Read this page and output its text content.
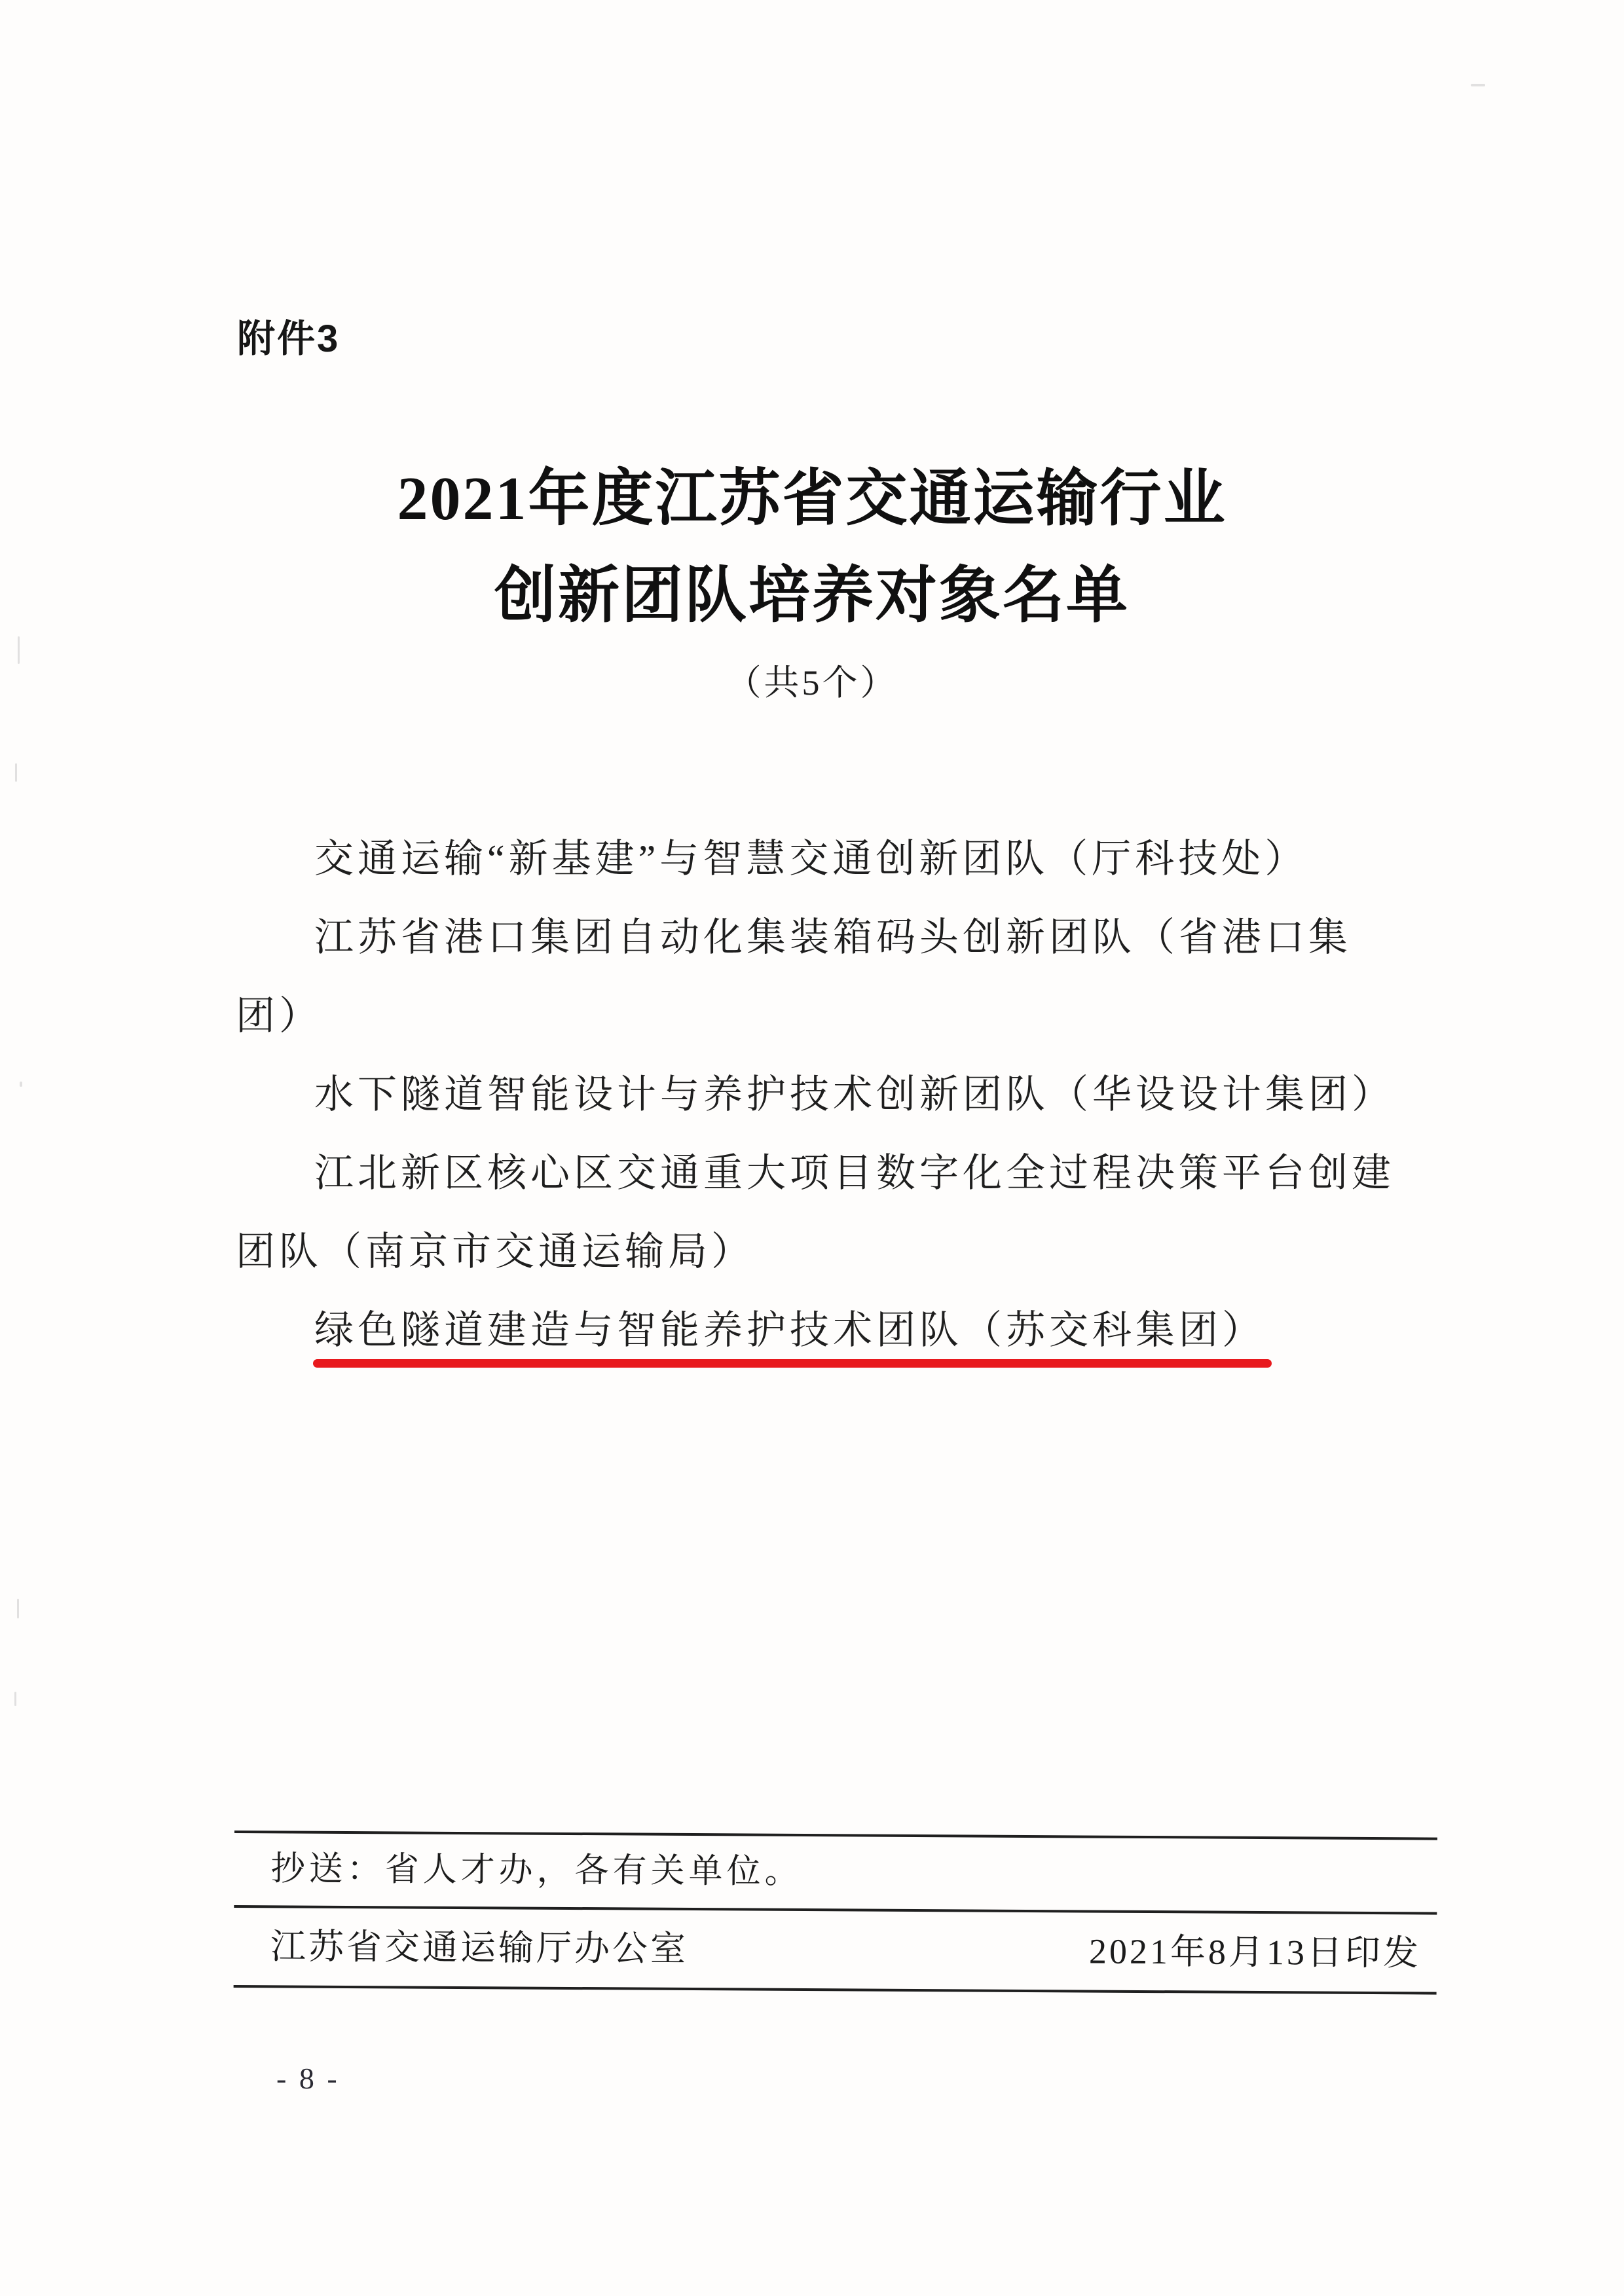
附件3
2021年度江苏省交通运输行业
创新团队培养对象名单
（共5个）
交通运输“新基建”与智慧交通创新团队（厅科技处）
江苏省港口集团自动化集装箱码头创新团队（省港口集
团）
水下隧道智能设计与养护技术创新团队（华设设计集团）
江北新区核心区交通重大项目数字化全过程决策平台创建
团队（南京市交通运输局）
绿色隧道建造与智能养护技术团队（苏交科集团）
抄送：省人才办，各有关单位。
江苏省交通运输厅办公室	2021年8月13日印发
- 8 -
